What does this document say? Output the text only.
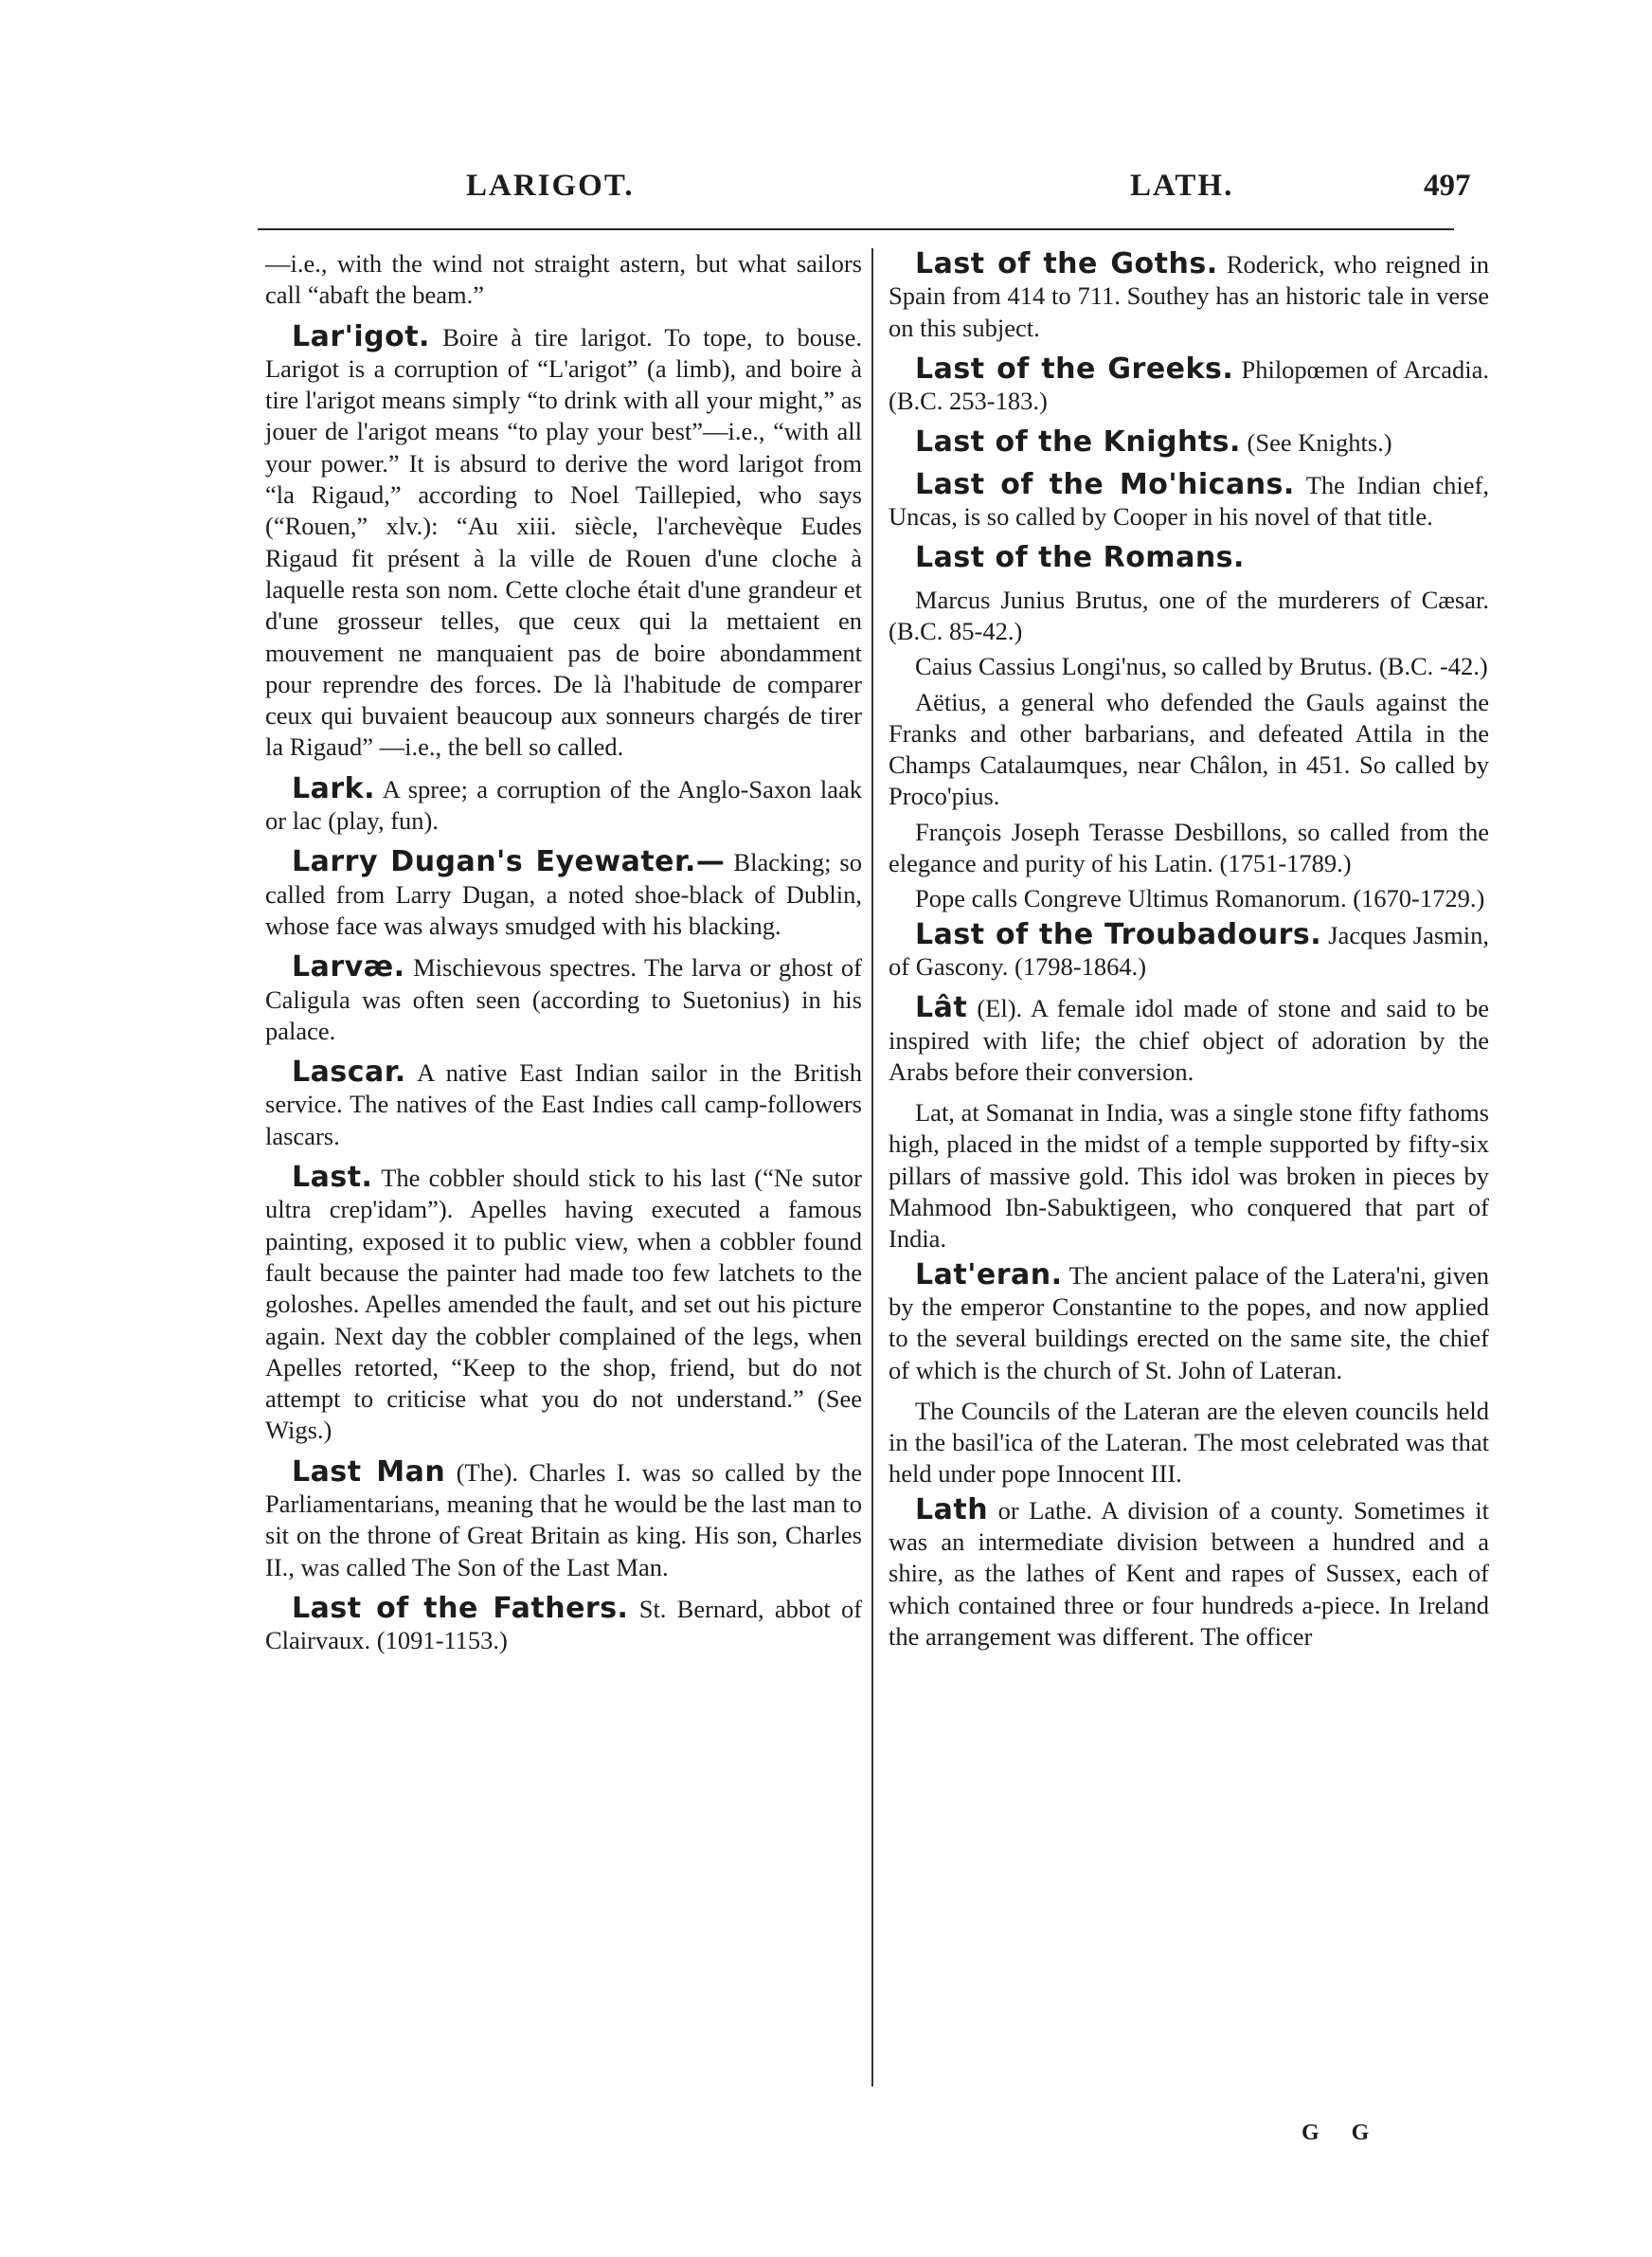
LARIGOT.	LATH.	497

—i.e., with the wind not straight astern, but what sailors call “abaft the beam.”

Lar'igot. Boire à tire larigot. To tope, to bouse. Larigot is a corruption of “L'arigot” (a limb), and boire à tire l'arigot means simply “to drink with all your might,” as jouer de l'arigot means “to play your best”—i.e., “with all your power.” It is absurd to derive the word larigot from “la Rigaud,” according to Noel Taillepied, who says (“Rouen,” xlv.): “Au xiii. siècle, l'archevèque Eudes Rigaud fit présent à la ville de Rouen d'une cloche à laquelle resta son nom. Cette cloche était d'une grandeur et d'une grosseur telles, que ceux qui la mettaient en mouvement ne manquaient pas de boire abondamment pour reprendre des forces. De là l'habitude de comparer ceux qui buvaient beaucoup aux sonneurs chargés de tirer la Rigaud” —i.e., the bell so called.

Lark. A spree; a corruption of the Anglo-Saxon laak or lac (play, fun).

Larry Dugan's Eyewater.— Blacking; so called from Larry Dugan, a noted shoe-black of Dublin, whose face was always smudged with his blacking.

Larvæ. Mischievous spectres. The larva or ghost of Caligula was often seen (according to Suetonius) in his palace.

Lascar. A native East Indian sailor in the British service. The natives of the East Indies call camp-followers lascars.

Last. The cobbler should stick to his last (“Ne sutor ultra crep'idam”). Apelles having executed a famous painting, exposed it to public view, when a cobbler found fault because the painter had made too few latchets to the goloshes. Apelles amended the fault, and set out his picture again. Next day the cobbler complained of the legs, when Apelles retorted, “Keep to the shop, friend, but do not attempt to criticise what you do not understand.” (See Wigs.)

Last Man (The). Charles I. was so called by the Parliamentarians, meaning that he would be the last man to sit on the throne of Great Britain as king. His son, Charles II., was called The Son of the Last Man.

Last of the Fathers. St. Bernard, abbot of Clairvaux. (1091-1153.)

Last of the Goths. Roderick, who reigned in Spain from 414 to 711. Southey has an historic tale in verse on this subject.

Last of the Greeks. Philopœmen of Arcadia. (B.C. 253-183.)

Last of the Knights. (See Knights.)

Last of the Mo'hicans. The Indian chief, Uncas, is so called by Cooper in his novel of that title.

Last of the Romans.

Marcus Junius Brutus, one of the murderers of Cæsar. (B.C. 85-42.)

Caius Cassius Longi'nus, so called by Brutus. (B.C. -42.)

Aëtius, a general who defended the Gauls against the Franks and other barbarians, and defeated Attila in the Champs Catalaumques, near Châlon, in 451. So called by Proco'pius.

François Joseph Terasse Desbillons, so called from the elegance and purity of his Latin. (1751-1789.)

Pope calls Congreve Ultimus Romanorum. (1670-1729.)

Last of the Troubadours. Jacques Jasmin, of Gascony. (1798-1864.)

Lât (El). A female idol made of stone and said to be inspired with life; the chief object of adoration by the Arabs before their conversion.

Lat, at Somanat in India, was a single stone fifty fathoms high, placed in the midst of a temple supported by fifty-six pillars of massive gold. This idol was broken in pieces by Mahmood Ibn-Sabuktigeen, who conquered that part of India.

Lat'eran. The ancient palace of the Latera'ni, given by the emperor Constantine to the popes, and now applied to the several buildings erected on the same site, the chief of which is the church of St. John of Lateran.

The Councils of the Lateran are the eleven councils held in the basil'ica of the Lateran. The most celebrated was that held under pope Innocent III.

Lath or Lathe. A division of a county. Sometimes it was an intermediate division between a hundred and a shire, as the lathes of Kent and rapes of Sussex, each of which contained three or four hundreds a-piece. In Ireland the arrangement was different. The officer

G G
